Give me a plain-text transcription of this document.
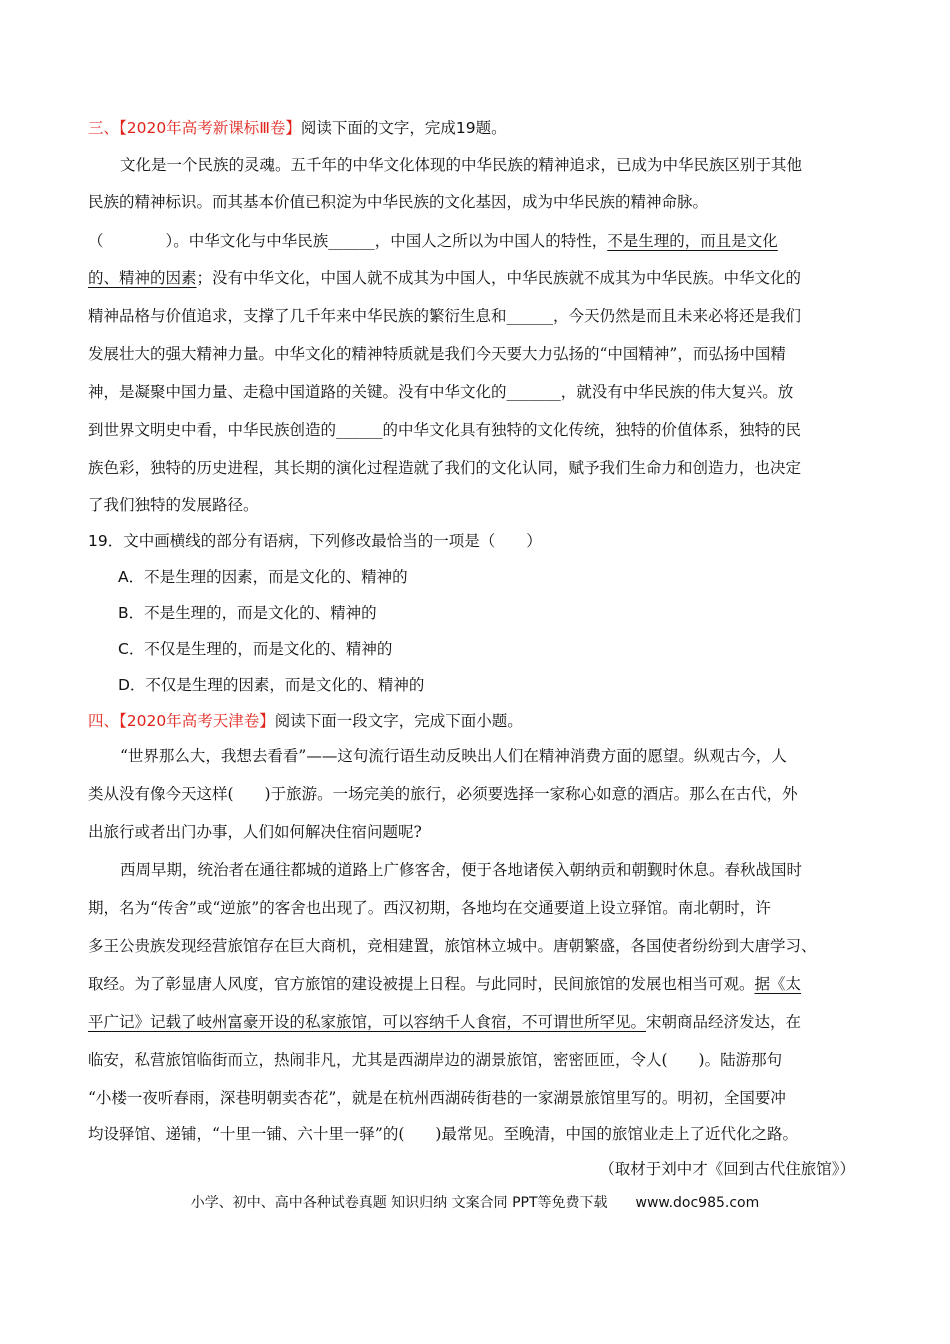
三、【2020年高考新课标Ⅲ卷】阅读下面的文字，完成19题。
文化是一个民族的灵魂。五千年的中华文化体现的中华民族的精神追求，已成为中华民族区别于其他
民族的精神标识。而其基本价值已积淀为中华民族的文化基因，成为中华民族的精神命脉。
（　　　　）。中华文化与中华民族______，中国人之所以为中国人的特性，不是生理的，而且是文化
的、精神的因素；没有中华文化，中国人就不成其为中国人，中华民族就不成其为中华民族。中华文化的
精神品格与价值追求，支撑了几千年来中华民族的繁衍生息和______，今天仍然是而且未来必将还是我们
发展壮大的强大精神力量。中华文化的精神特质就是我们今天要大力弘扬的“中国精神”，而弘扬中国精
神，是凝聚中国力量、走稳中国道路的关键。没有中华文化的_______，就没有中华民族的伟大复兴。放
到世界文明史中看，中华民族创造的______的中华文化具有独特的文化传统，独特的价值体系，独特的民
族色彩，独特的历史进程，其长期的演化过程造就了我们的文化认同，赋予我们生命力和创造力，也决定
了我们独特的发展路径。
19．文中画横线的部分有语病，下列修改最恰当的一项是（　　）
A．不是生理的因素，而是文化的、精神的
B．不是生理的，而是文化的、精神的
C．不仅是生理的，而是文化的、精神的
D．不仅是生理的因素，而是文化的、精神的
四、【2020年高考天津卷】阅读下面一段文字，完成下面小题。
“世界那么大，我想去看看”——这句流行语生动反映出人们在精神消费方面的愿望。纵观古今，人
类从没有像今天这样(　　)于旅游。一场完美的旅行，必须要选择一家称心如意的酒店。那么在古代，外
出旅行或者出门办事，人们如何解决住宿问题呢?
西周早期，统治者在通往都城的道路上广修客舍，便于各地诸侯入朝纳贡和朝觐时休息。春秋战国时
期，名为“传舍”或“逆旅”的客舍也出现了。西汉初期，各地均在交通要道上设立驿馆。南北朝时，许
多王公贵族发现经营旅馆存在巨大商机，竞相建置，旅馆林立城中。唐朝繁盛，各国使者纷纷到大唐学习、
取经。为了彰显唐人风度，官方旅馆的建设被提上日程。与此同时，民间旅馆的发展也相当可观。据《太
平广记》记载了岐州富豪开设的私家旅馆，可以容纳千人食宿，不可谓世所罕见。宋朝商品经济发达，在
临安，私营旅馆临街而立，热闹非凡，尤其是西湖岸边的湖景旅馆，密密匝匝，令人(　　)。陆游那句
“小楼一夜听春雨，深巷明朝卖杏花”，就是在杭州西湖砖街巷的一家湖景旅馆里写的。明初，全国要冲
均设驿馆、递铺，“十里一铺、六十里一驿”的(　　)最常见。至晚清，中国的旅馆业走上了近代化之路。
（取材于刘中才《回到古代住旅馆》）
小学、初中、高中各种试卷真题 知识归纳 文案合同 PPT等免费下载　　www.doc985.com
